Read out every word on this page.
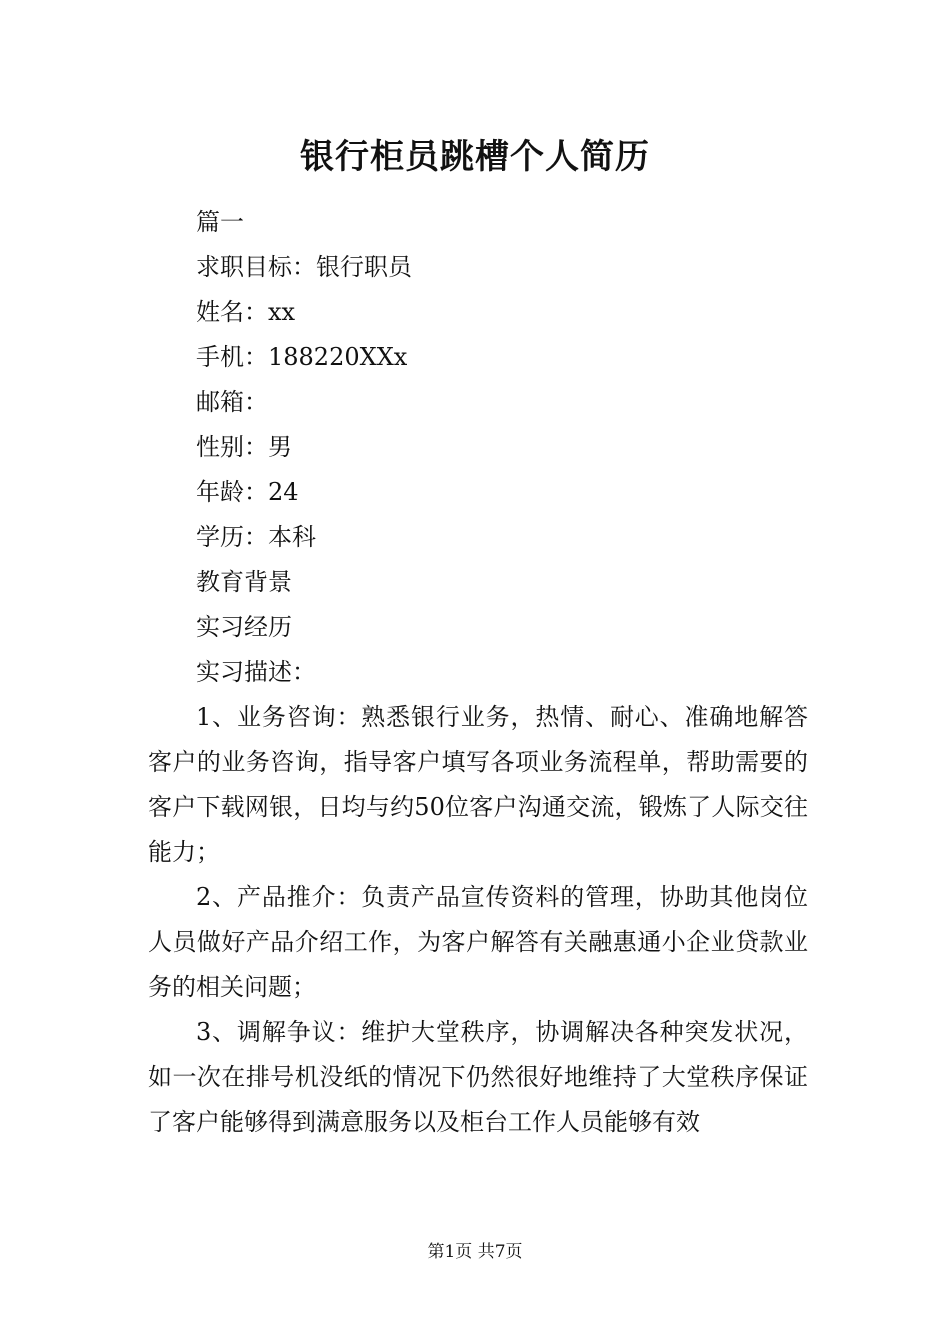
银行柜员跳槽个人简历
篇一
求职目标：银行职员
姓名：xx
手机：188220XXx
邮箱：
性别：男
年龄：24
学历：本科
教育背景
实习经历
实习描述：

1、业务咨询：熟悉银行业务，热情、耐心、准确地解答客户的业务咨询，指导客户填写各项业务流程单，帮助需要的客户下载网银，日均与约50位客户沟通交流，锻炼了人际交往能力；

2、产品推介：负责产品宣传资料的管理，协助其他岗位人员做好产品介绍工作，为客户解答有关融惠通小企业贷款业务的相关问题；

3、调解争议：维护大堂秩序，协调解决各种突发状况，如一次在排号机没纸的情况下仍然很好地维持了大堂秩序保证了客户能够得到满意服务以及柜台工作人员能够有效

第1页 共7页
